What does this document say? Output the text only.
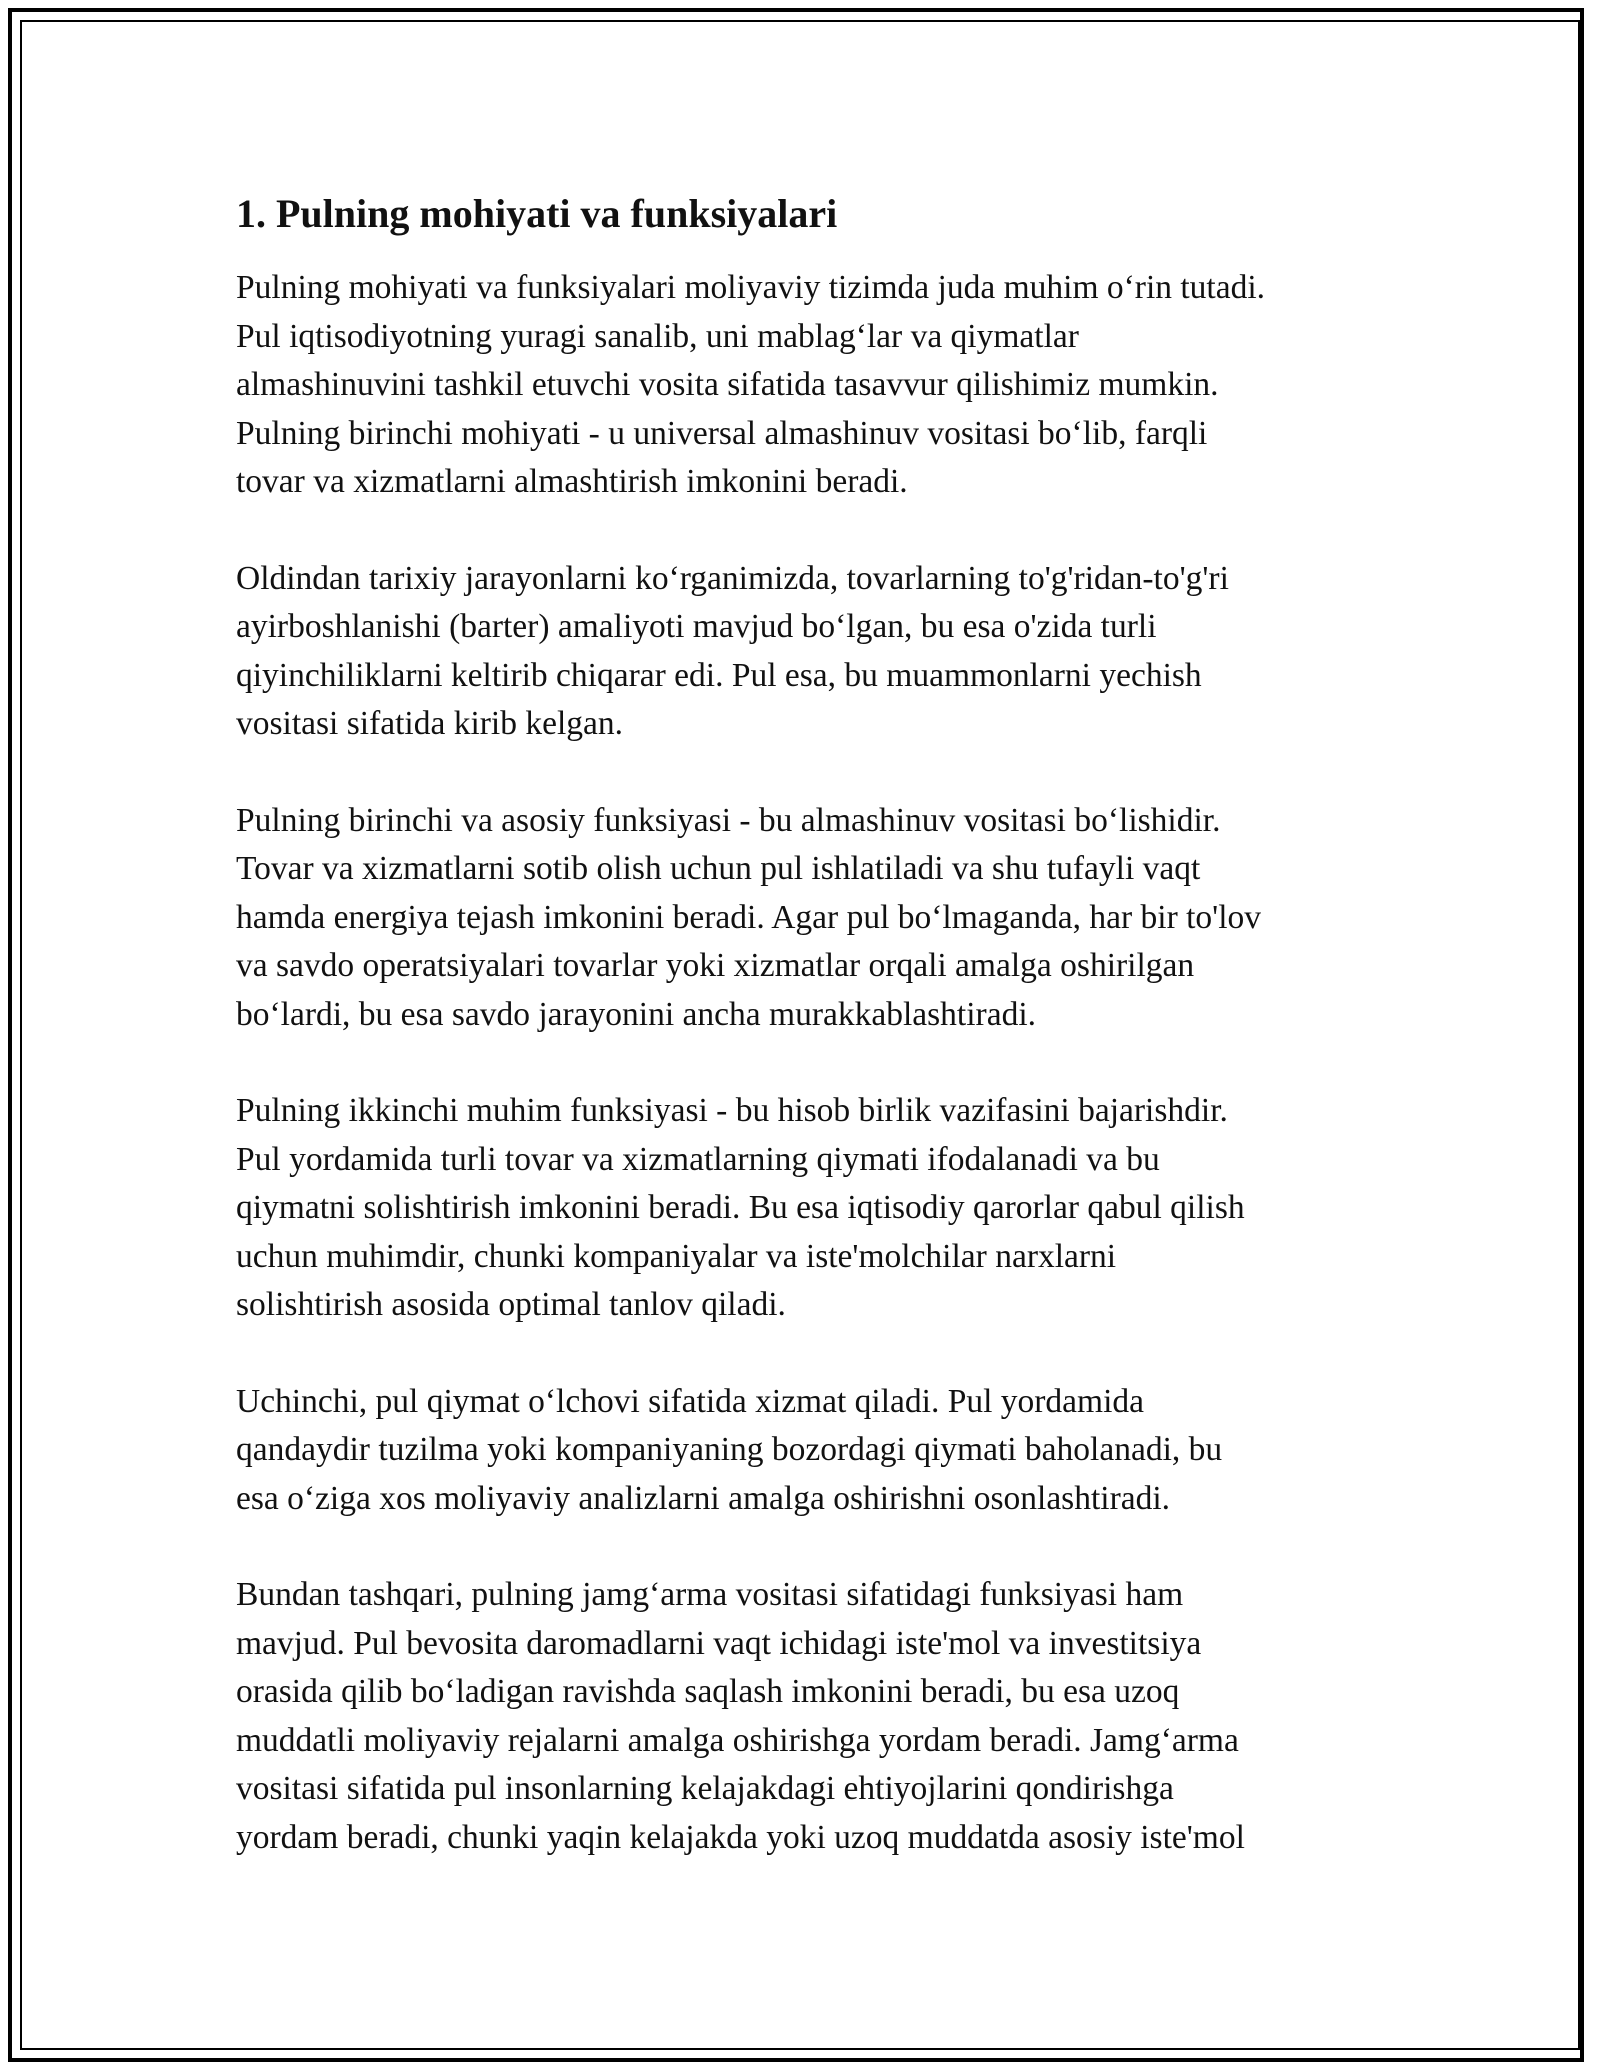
1. Pulning mohiyati va funksiyalari

Pulning mohiyati va funksiyalari moliyaviy tizimda juda muhim o‘rin tutadi.
Pul iqtisodiyotning yuragi sanalib, uni mablag‘lar va qiymatlar
almashinuvini tashkil etuvchi vosita sifatida tasavvur qilishimiz mumkin.
Pulning birinchi mohiyati - u universal almashinuv vositasi bo‘lib, farqli
tovar va xizmatlarni almashtirish imkonini beradi.

Oldindan tarixiy jarayonlarni ko‘rganimizda, tovarlarning to'g'ridan-to'g'ri
ayirboshlanishi (barter) amaliyoti mavjud bo‘lgan, bu esa o'zida turli
qiyinchiliklarni keltirib chiqarar edi. Pul esa, bu muammonlarni yechish
vositasi sifatida kirib kelgan.

Pulning birinchi va asosiy funksiyasi - bu almashinuv vositasi bo‘lishidir.
Tovar va xizmatlarni sotib olish uchun pul ishlatiladi va shu tufayli vaqt
hamda energiya tejash imkonini beradi. Agar pul bo‘lmaganda, har bir to'lov
va savdo operatsiyalari tovarlar yoki xizmatlar orqali amalga oshirilgan
bo‘lardi, bu esa savdo jarayonini ancha murakkablashtiradi.

Pulning ikkinchi muhim funksiyasi - bu hisob birlik vazifasini bajarishdir.
Pul yordamida turli tovar va xizmatlarning qiymati ifodalanadi va bu
qiymatni solishtirish imkonini beradi. Bu esa iqtisodiy qarorlar qabul qilish
uchun muhimdir, chunki kompaniyalar va iste'molchilar narxlarni
solishtirish asosida optimal tanlov qiladi.

Uchinchi, pul qiymat o‘lchovi sifatida xizmat qiladi. Pul yordamida
qandaydir tuzilma yoki kompaniyaning bozordagi qiymati baholanadi, bu
esa o‘ziga xos moliyaviy analizlarni amalga oshirishni osonlashtiradi.

Bundan tashqari, pulning jamg‘arma vositasi sifatidagi funksiyasi ham
mavjud. Pul bevosita daromadlarni vaqt ichidagi iste'mol va investitsiya
orasida qilib bo‘ladigan ravishda saqlash imkonini beradi, bu esa uzoq
muddatli moliyaviy rejalarni amalga oshirishga yordam beradi. Jamg‘arma
vositasi sifatida pul insonlarning kelajakdagi ehtiyojlarini qondirishga
yordam beradi, chunki yaqin kelajakda yoki uzoq muddatda asosiy iste'mol
